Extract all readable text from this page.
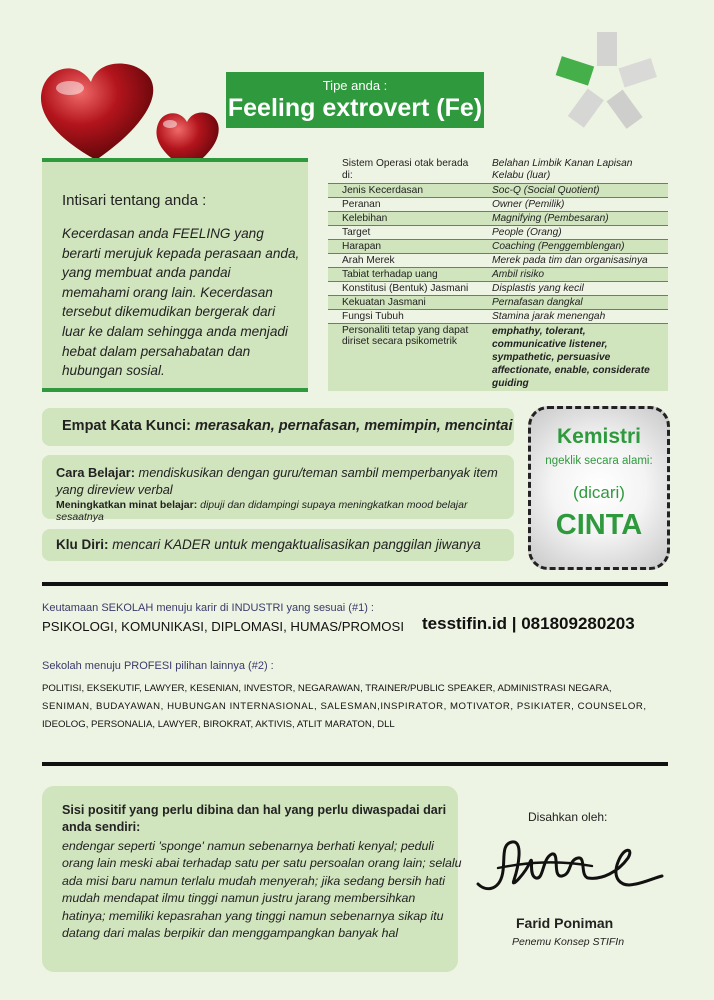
Tipe anda :
Feeling extrovert (Fe)
Intisari tentang anda :

Kecerdasan anda FEELING yang berarti merujuk kepada perasaan anda, yang membuat anda pandai memahami orang lain. Kecerdasan tersebut dikemudikan bergerak dari luar ke dalam sehingga anda menjadi hebat dalam persahabatan dan hubungan sosial.

Sistem Operasi otak berada di:	Belahan Limbik Kanan Lapisan Kelabu (luar)
Jenis Kecerdasan	Soc-Q (Social Quotient)
Peranan	Owner (Pemilik)
Kelebihan	Magnifying (Pembesaran)
Target	People (Orang)
Harapan	Coaching (Penggemblengan)
Arah Merek	Merek pada tim dan organisasinya
Tabiat terhadap uang	Ambil risiko
Konstitusi (Bentuk) Jasmani	Displastis yang kecil
Kekuatan Jasmani	Pernafasan dangkal
Fungsi Tubuh	Stamina jarak menengah
Personaliti tetap yang dapat diriset secara psikometrik	emphathy, tolerant, communicative listener, sympathetic, persuasive affectionate, enable, considerate guiding
Empat Kata Kunci: merasakan, pernafasan, memimpin, mencintai
Cara Belajar: mendiskusikan dengan guru/teman sambil memperbanyak item yang direview verbal
Meningkatkan minat belajar: dipuji dan didampingi supaya meningkatkan mood belajar sesaatnya
Klu Diri: mencari KADER untuk mengaktualisasikan panggilan jiwanya
Kemistri
ngeklik secara alami:
(dicari)
CINTA
Keutamaan SEKOLAH menuju karir di INDUSTRI yang sesuai (#1) :
PSIKOLOGI, KOMUNIKASI, DIPLOMASI, HUMAS/PROMOSI tesstifin.id | 081809280203
Sekolah menuju PROFESI pilihan lainnya (#2) :
POLITISI, EKSEKUTIF, LAWYER, KESENIAN, INVESTOR, NEGARAWAN, TRAINER/PUBLIC SPEAKER, ADMINISTRASI NEGARA,
SENIMAN, BUDAYAWAN, HUBUNGAN INTERNASIONAL, SALESMAN,INSPIRATOR, MOTIVATOR, PSIKIATER, COUNSELOR,
IDEOLOG, PERSONALIA, LAWYER, BIROKRAT, AKTIVIS, ATLIT MARATON, DLL
Sisi positif yang perlu dibina dan hal yang perlu diwaspadai dari anda sendiri:
endengar seperti 'sponge' namun sebenarnya berhati kenyal; peduli orang lain meski abai terhadap satu per satu persoalan orang lain; selalu ada misi baru namun terlalu mudah menyerah; jika sedang bersih hati mudah mendapat ilmu tinggi namun justru jarang membersihkan hatinya; memiliki kepasrahan yang tinggi namun sebenarnya sikap itu datang dari malas berpikir dan menggampangkan banyak hal
Disahkan oleh:
Farid Poniman
Penemu Konsep STIFIn
